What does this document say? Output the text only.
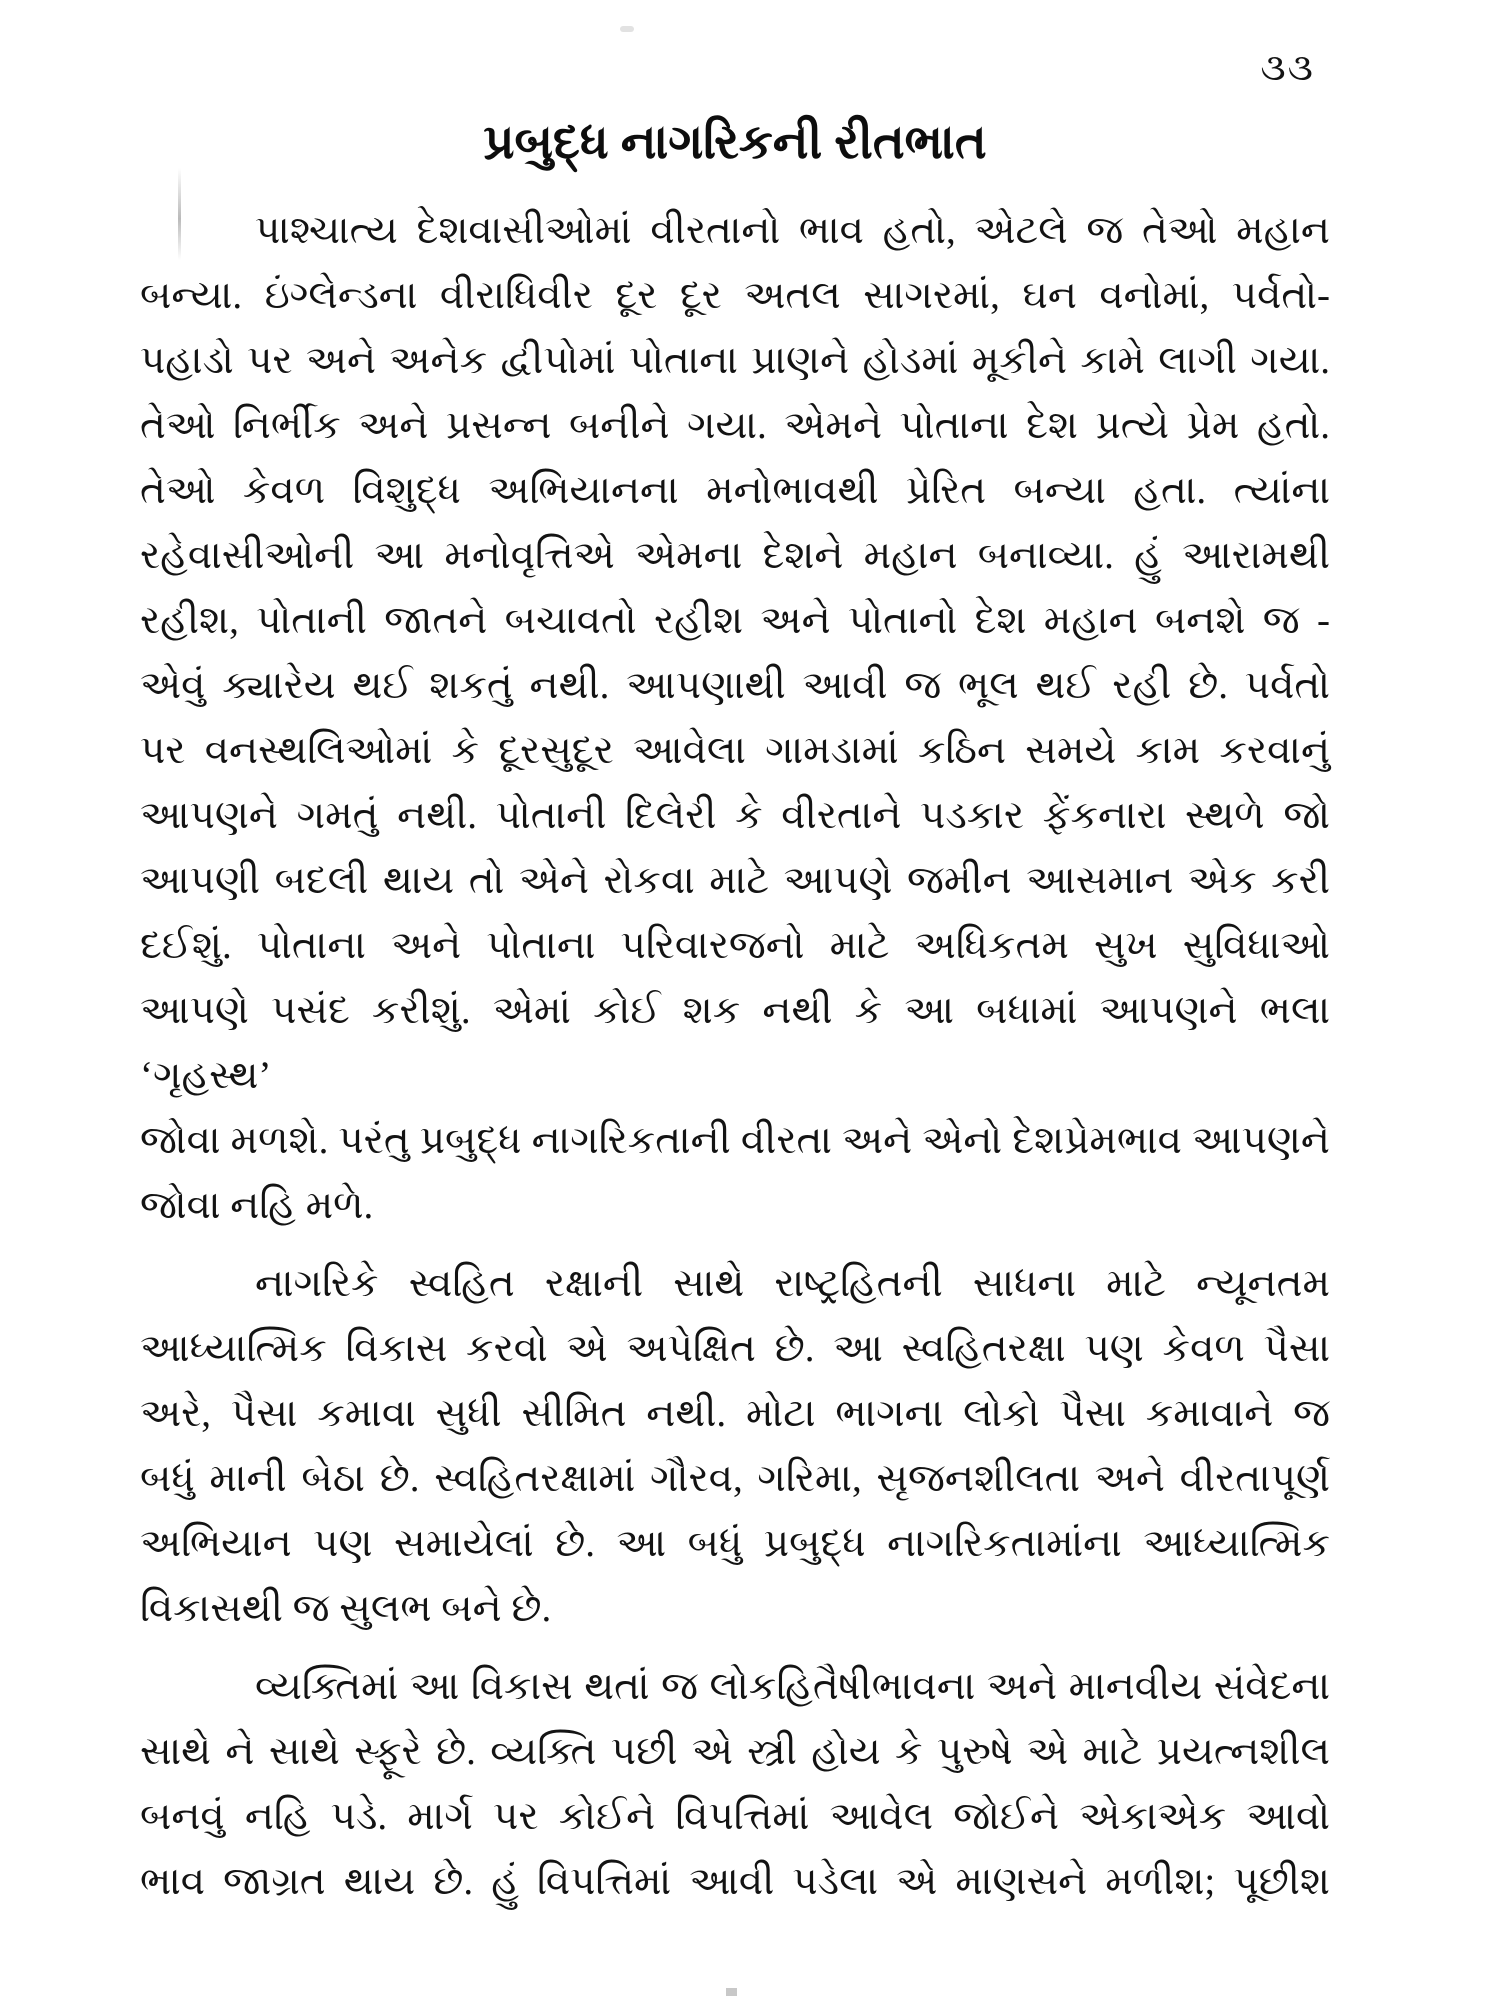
૩૩
પ્રબુદ્ધ નાગરિકની રીતભાત
પાશ્ચાત્ય દેશવાસીઓમાં વીરતાનો ભાવ હતો, એટલે જ તેઓ મહાન
બન્યા. ઇંગ્લેન્ડના વીરાધિવીર દૂર દૂર અતલ સાગરમાં, ઘન વનોમાં, પર્વતો-
પહાડો પર અને અનેક દ્વીપોમાં પોતાના પ્રાણને હોડમાં મૂકીને કામે લાગી ગયા.
તેઓ નિર્ભીક અને પ્રસન્ન બનીને ગયા. એમને પોતાના દેશ પ્રત્યે પ્રેમ હતો.
તેઓ કેવળ વિશુદ્ધ અભિયાનના મનોભાવથી પ્રેરિત બન્યા હતા. ત્યાંના
રહેવાસીઓની આ મનોવૃત્તિએ એમના દેશને મહાન બનાવ્યા. હું આરામથી
રહીશ, પોતાની જાતને બચાવતો રહીશ અને પોતાનો દેશ મહાન બનશે જ -
એવું ક્યારેય થઈ શકતું નથી. આપણાથી આવી જ ભૂલ થઈ રહી છે. પર્વતો
પર વનસ્થલિઓમાં કે દૂરસુદૂર આવેલા ગામડામાં કઠિન સમયે કામ કરવાનું
આપણને ગમતું નથી. પોતાની દિલેરી કે વીરતાને પડકાર ફેંકનારા સ્થળે જો
આપણી બદલી થાય તો એને રોકવા માટે આપણે જમીન આસમાન એક કરી
દઈશું. પોતાના અને પોતાના પરિવારજનો માટે અધિકતમ સુખ સુવિધાઓ
આપણે પસંદ કરીશું. એમાં કોઈ શક નથી કે આ બધામાં આપણને ભલા ‘ગૃહસ્થ’
જોવા મળશે. પરંતુ પ્રબુદ્ધ નાગરિકતાની વીરતા અને એનો દેશપ્રેમભાવ આપણને
જોવા નહિ મળે.
નાગરિકે સ્વહિત રક્ષાની સાથે રાષ્ટ્રહિતની સાધના માટે ન્યૂનતમ
આધ્યાત્મિક વિકાસ કરવો એ અપેક્ષિત છે. આ સ્વહિતરક્ષા પણ કેવળ પૈસા
અરે, પૈસા કમાવા સુધી સીમિત નથી. મોટા ભાગના લોકો પૈસા કમાવાને જ
બધું માની બેઠા છે. સ્વહિતરક્ષામાં ગૌરવ, ગરિમા, સૃજનશીલતા અને વીરતાપૂર્ણ
અભિયાન પણ સમાયેલાં છે. આ બધું પ્રબુદ્ધ નાગરિકતામાંના આધ્યાત્મિક
વિકાસથી જ સુલભ બને છે.
વ્યક્તિમાં આ વિકાસ થતાં જ લોકહિતૈષીભાવના અને માનવીય સંવેદના
સાથે ને સાથે સ્ફૂરે છે. વ્યક્તિ પછી એ સ્ત્રી હોય કે પુરુષે એ માટે પ્રયત્નશીલ
બનવું નહિ પડે. માર્ગ પર કોઈને વિપત્તિમાં આવેલ જોઈને એકાએક આવો
ભાવ જાગ્રત થાય છે. હું વિપત્તિમાં આવી પડેલા એ માણસને મળીશ; પૂછીશ
